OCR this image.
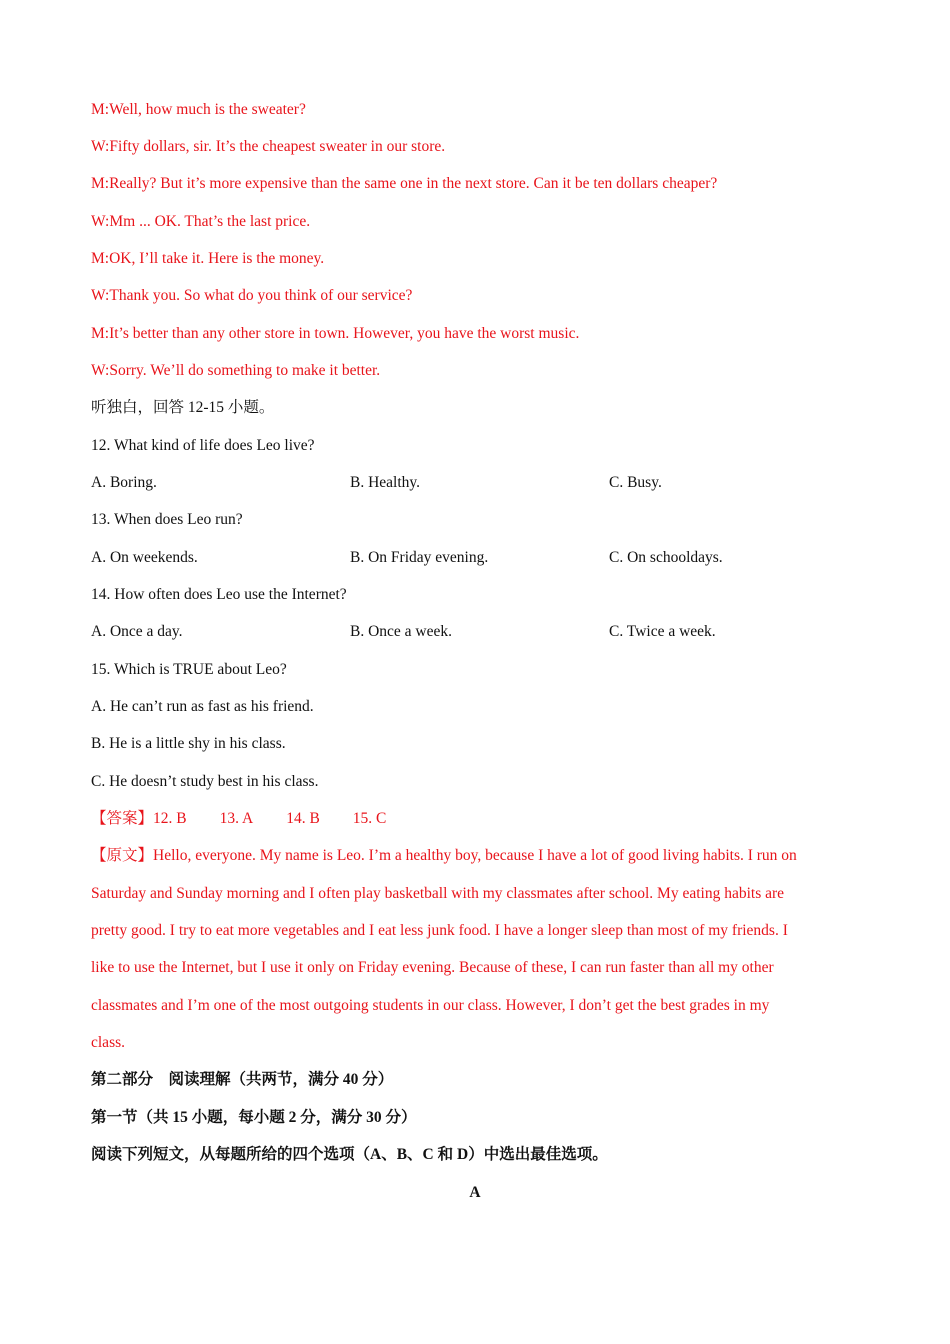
M:Well, how much is the sweater?
W:Fifty dollars, sir. It’s the cheapest sweater in our store.
M:Really? But it’s more expensive than the same one in the next store. Can it be ten dollars cheaper?
W:Mm ... OK. That’s the last price.
M:OK, I’ll take it. Here is the money.
W:Thank you. So what do you think of our service?
M:It’s better than any other store in town. However, you have the worst music.
W:Sorry. We’ll do something to make it better.
听独白，回答 12-15 小题。
12. What kind of life does Leo live?
A. Boring.	B. Healthy.	C. Busy.
13. When does Leo run?
A. On weekends.	B. On Friday evening.	C. On schooldays.
14. How often does Leo use the Internet?
A. Once a day.	B. Once a week.	C. Twice a week.
15. Which is TRUE about Leo?
A. He can’t run as fast as his friend.
B. He is a little shy in his class.
C. He doesn’t study best in his class.
【答案】12. B 13. A 14. B 15. C
【原文】Hello, everyone. My name is Leo. I’m a healthy boy, because I have a lot of good living habits. I run on
Saturday and Sunday morning and I often play basketball with my classmates after school. My eating habits are
pretty good. I try to eat more vegetables and I eat less junk food. I have a longer sleep than most of my friends. I
like to use the Internet, but I use it only on Friday evening. Because of these, I can run faster than all my other
classmates and I’m one of the most outgoing students in our class. However, I don’t get the best grades in my
class.
第二部分　阅读理解（共两节，满分 40 分）
第一节（共 15 小题，每小题 2 分，满分 30 分）
阅读下列短文，从每题所给的四个选项（A、B、C 和 D）中选出最佳选项。
A
